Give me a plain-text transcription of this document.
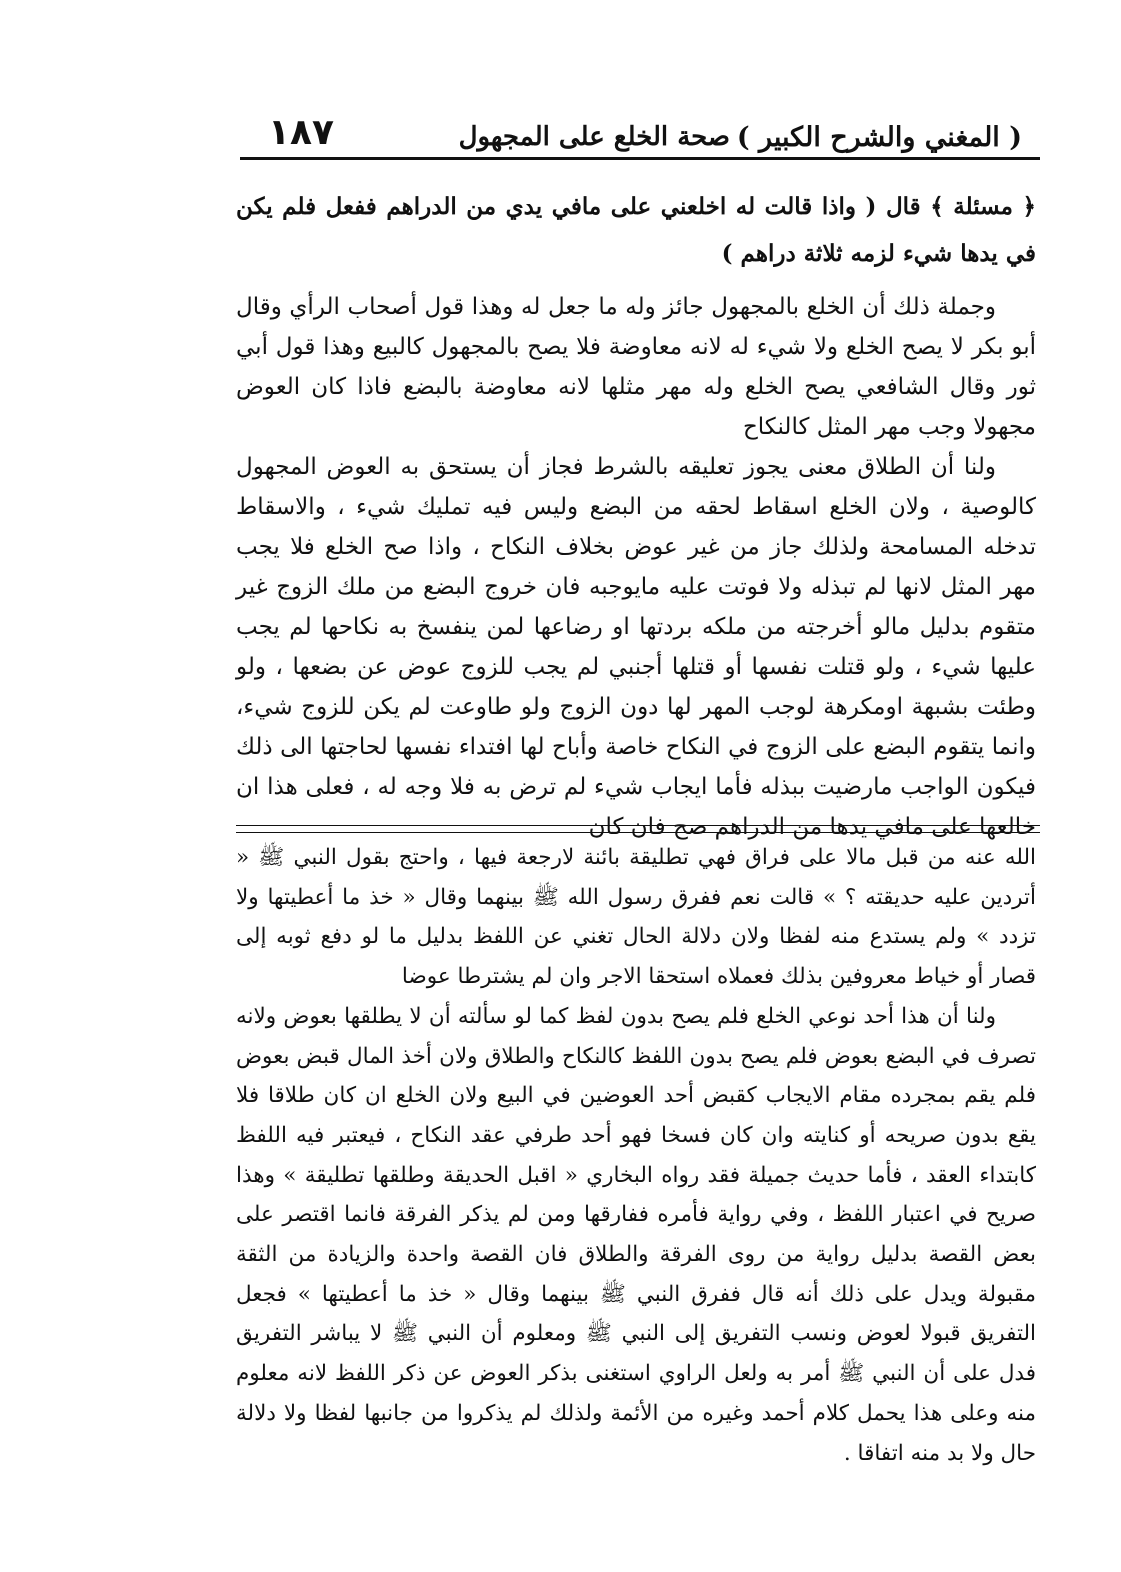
( المغني والشرح الكبير )
صحة الخلع على المجهول
١٨٧

﴿ مسئلة ﴾ قال ( واذا قالت له اخلعني على مافي يدي من الدراهم ففعل فلم يكن في يدها شيء لزمه ثلاثة دراهم )

وجملة ذلك أن الخلع بالمجهول جائز وله ما جعل له وهذا قول أصحاب الرأي وقال أبو بكر لا يصح الخلع ولا شيء له لانه معاوضة فلا يصح بالمجهول كالبيع وهذا قول أبي ثور وقال الشافعي يصح الخلع وله مهر مثلها لانه معاوضة بالبضع فاذا كان العوض مجهولا وجب مهر المثل كالنكاح

ولنا أن الطلاق معنى يجوز تعليقه بالشرط فجاز أن يستحق به العوض المجهول كالوصية ، ولان الخلع اسقاط لحقه من البضع وليس فيه تمليك شيء ، والاسقاط تدخله المسامحة ولذلك جاز من غير عوض بخلاف النكاح ، واذا صح الخلع فلا يجب مهر المثل لانها لم تبذله ولا فوتت عليه مايوجبه فان خروج البضع من ملك الزوج غير متقوم بدليل مالو أخرجته من ملكه بردتها او رضاعها لمن ينفسخ به نكاحها لم يجب عليها شيء ، ولو قتلت نفسها أو قتلها أجنبي لم يجب للزوج عوض عن بضعها ، ولو وطئت بشبهة اومكرهة لوجب المهر لها دون الزوج ولو طاوعت لم يكن للزوج شيء، وانما يتقوم البضع على الزوج في النكاح خاصة وأباح لها افتداء نفسها لحاجتها الى ذلك فيكون الواجب مارضيت ببذله فأما ايجاب شيء لم ترض به فلا وجه له ، فعلى هذا ان خالعها على مافي يدها من الدراهم صح فان كان

الله عنه من قبل مالا على فراق فهي تطليقة بائنة لارجعة فيها ، واحتج بقول النبي ﷺ « أتردين عليه حديقته ؟ » قالت نعم ففرق رسول الله ﷺ بينهما وقال « خذ ما أعطيتها ولا تزدد » ولم يستدع منه لفظا ولان دلالة الحال تغني عن اللفظ بدليل ما لو دفع ثوبه إلى قصار أو خياط معروفين بذلك فعملاه استحقا الاجر وان لم يشترطا عوضا

ولنا أن هذا أحد نوعي الخلع فلم يصح بدون لفظ كما لو سألته أن لا يطلقها بعوض ولانه تصرف في البضع بعوض فلم يصح بدون اللفظ كالنكاح والطلاق ولان أخذ المال قبض بعوض فلم يقم بمجرده مقام الايجاب كقبض أحد العوضين في البيع ولان الخلع ان كان طلاقا فلا يقع بدون صريحه أو كنايته وان كان فسخا فهو أحد طرفي عقد النكاح ، فيعتبر فيه اللفظ كابتداء العقد ، فأما حديث جميلة فقد رواه البخاري « اقبل الحديقة وطلقها تطليقة » وهذا صريح في اعتبار اللفظ ، وفي رواية فأمره ففارقها ومن لم يذكر الفرقة فانما اقتصر على بعض القصة بدليل رواية من روى الفرقة والطلاق فان القصة واحدة والزيادة من الثقة مقبولة ويدل على ذلك أنه قال ففرق النبي ﷺ بينهما وقال « خذ ما أعطيتها » فجعل التفريق قبولا لعوض ونسب التفريق إلى النبي ﷺ ومعلوم أن النبي ﷺ لا يباشر التفريق فدل على أن النبي ﷺ أمر به ولعل الراوي استغنى بذكر العوض عن ذكر اللفظ لانه معلوم منه وعلى هذا يحمل كلام أحمد وغيره من الأئمة ولذلك لم يذكروا من جانبها لفظا ولا دلالة حال ولا بد منه اتفاقا .
